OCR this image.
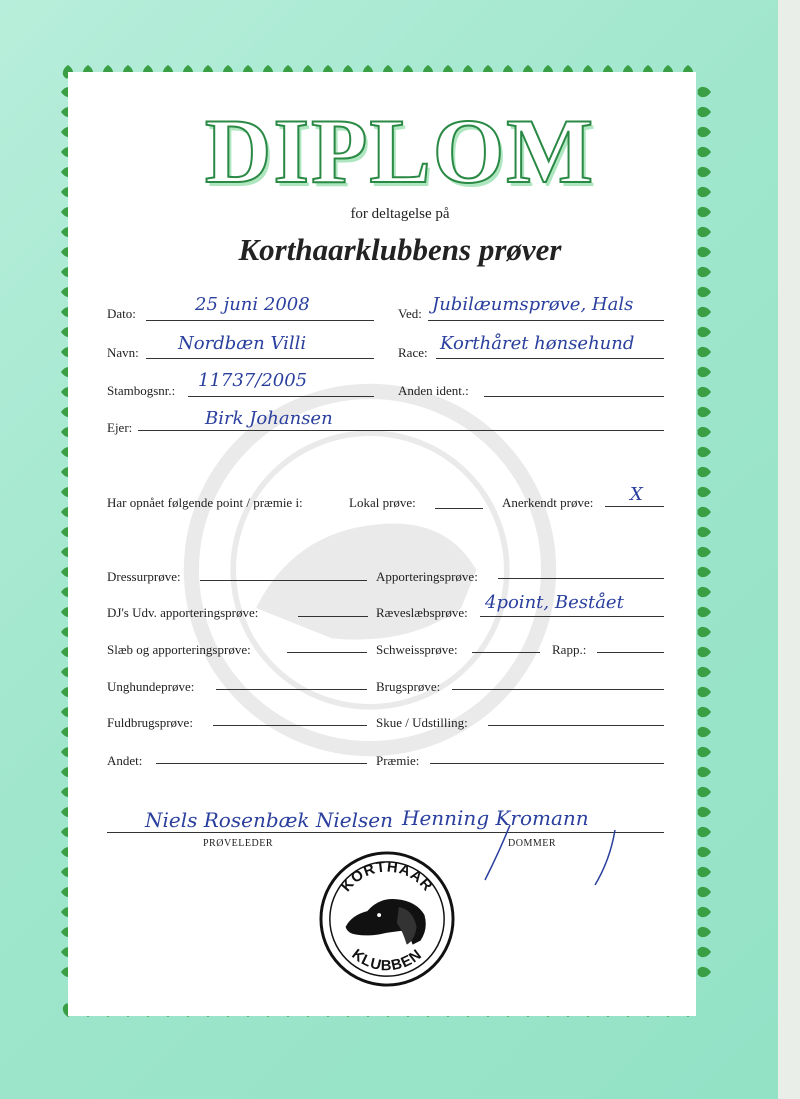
DIPLOM
for deltagelse på
Korthaarklubbens prøver
Dato:	25 juni 2008	Ved: Jubilæumsprøve, Hals
Navn: Nordbæn Villi	Race: Korthåret hønsehund
Stambogsnr.: 11737/2005	Anden ident.:
Ejer:	Birk Johansen
Har opnået følgende point / præmie i:	Lokal prøve:	Anerkendt prøve: X
Dressurprøve:	Apporteringsprøve:
DJ's Udv. apporteringsprøve:	Ræveslæbsprøve: 4point, Bestået
Slæb og apporteringsprøve:	Schweissprøve:	Rapp.:
Unghundeprøve:	Brugsprøve:
Fuldbrugsprøve:	Skue / Udstilling:
Andet:	Præmie:
Niels Rosenbæk Nielsen Henning Kromann
PRØVELEDER	DOMMER
KORTHAAR
KLUBBEN
